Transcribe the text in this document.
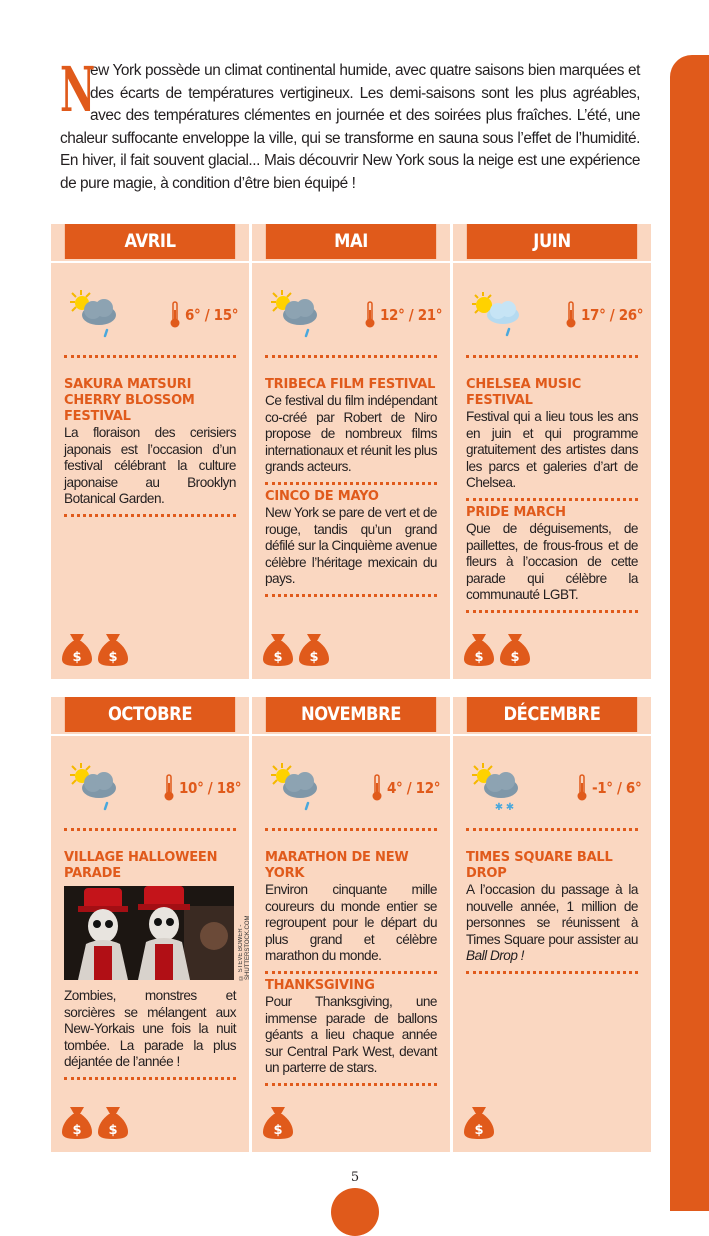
N
ew York possède un climat continental humide, avec quatre saisons bien marquées et des écarts de températures vertigineux. Les demi-saisons sont les plus agréables, avec des températures clémentes en journée et des soirées plus fraîches. L’été, une chaleur suffocante enveloppe la ville, qui se transforme en sauna sous l’effet de l’humidité. En hiver, il fait souvent glacial... Mais découvrir New York sous la neige est une expérience de pure magie, à condition d’être bien équipé !
AVRIL
6° / 15°
SAKURA MATSURI CHERRY BLOSSOM FESTIVAL
La floraison des cerisiers japonais est l’occasion d’un festival célébrant la culture japonaise au Brooklyn Botanical Garden.
$ $
MAI
12° / 21°
TRIBECA FILM FESTIVAL
Ce festival du film indépendant co-créé par Robert de Niro propose de nombreux films internationaux et réunit les plus grands acteurs.
CINCO DE MAYO
New York se pare de vert et de rouge, tandis qu’un grand défilé sur la Cinquième avenue célèbre l’héritage mexicain du pays.
$ $
JUIN
17° / 26°
CHELSEA MUSIC FESTIVAL
Festival qui a lieu tous les ans en juin et qui programme gratuitement des artistes dans les parcs et galeries d’art de Chelsea.
PRIDE MARCH
Que de déguisements, de paillettes, de frous-frous et de fleurs à l’occasion de cette parade qui célèbre la communauté LGBT.
$ $
OCTOBRE
10° / 18°
VILLAGE HALLOWEEN PARADE
© STEVE BOWER - SHUTTERSTOCK.COM
Zombies, monstres et sorcières se mélangent aux New-Yorkais une fois la nuit tombée. La parade la plus déjantée de l’année !
$ $
NOVEMBRE
4° / 12°
MARATHON DE NEW YORK
Environ cinquante mille coureurs du monde entier se regroupent pour le départ du plus grand et célèbre marathon du monde.
THANKSGIVING
Pour Thanksgiving, une immense parade de ballons géants a lieu chaque année sur Central Park West, devant un parterre de stars.
$
DÉCEMBRE
✱ ✱
-1° / 6°
TIMES SQUARE BALL DROP
A l’occasion du passage à la nouvelle année, 1 million de personnes se réunissent à Times Square pour assister au Ball Drop !
$
5
